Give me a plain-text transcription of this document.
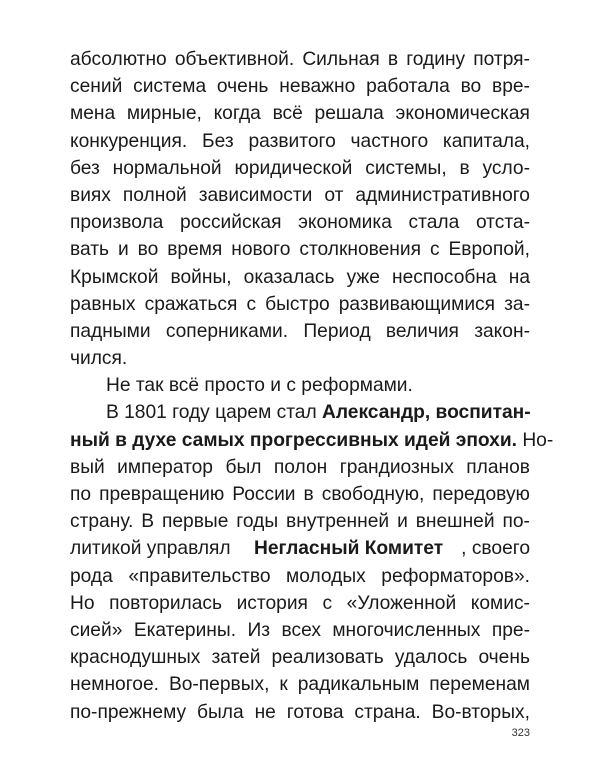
абсолютно объективной. Сильная в годину потря-
сений система очень неважно работала во вре-
мена мирные, когда всё решала экономическая
конкуренция. Без развитого частного капитала,
без нормальной юридической системы, в усло-
виях полной зависимости от административного
произвола российская экономика стала отста-
вать и во время нового столкновения с Европой,
Крымской войны, оказалась уже неспособна на
равных сражаться с быстро развивающимися за-
падными соперниками. Период величия закон-
чился.
Не так всё просто и с реформами.
В 1801 году царем стал Александр, воспитан-
ный в духе самых прогрессивных идей эпохи. Но-
вый император был полон грандиозных планов
по превращению России в свободную, передовую
страну. В первые годы внутренней и внешней по-
литикой управлял Негласный Комитет , своего
рода «правительство молодых реформаторов».
Но повторилась история с «Уложенной комис-
сией» Екатерины. Из всех многочисленных пре-
краснодушных затей реализовать удалось очень
немногое. Во-первых, к радикальным переменам
по-прежнему была не готова страна. Во-вторых,
323
